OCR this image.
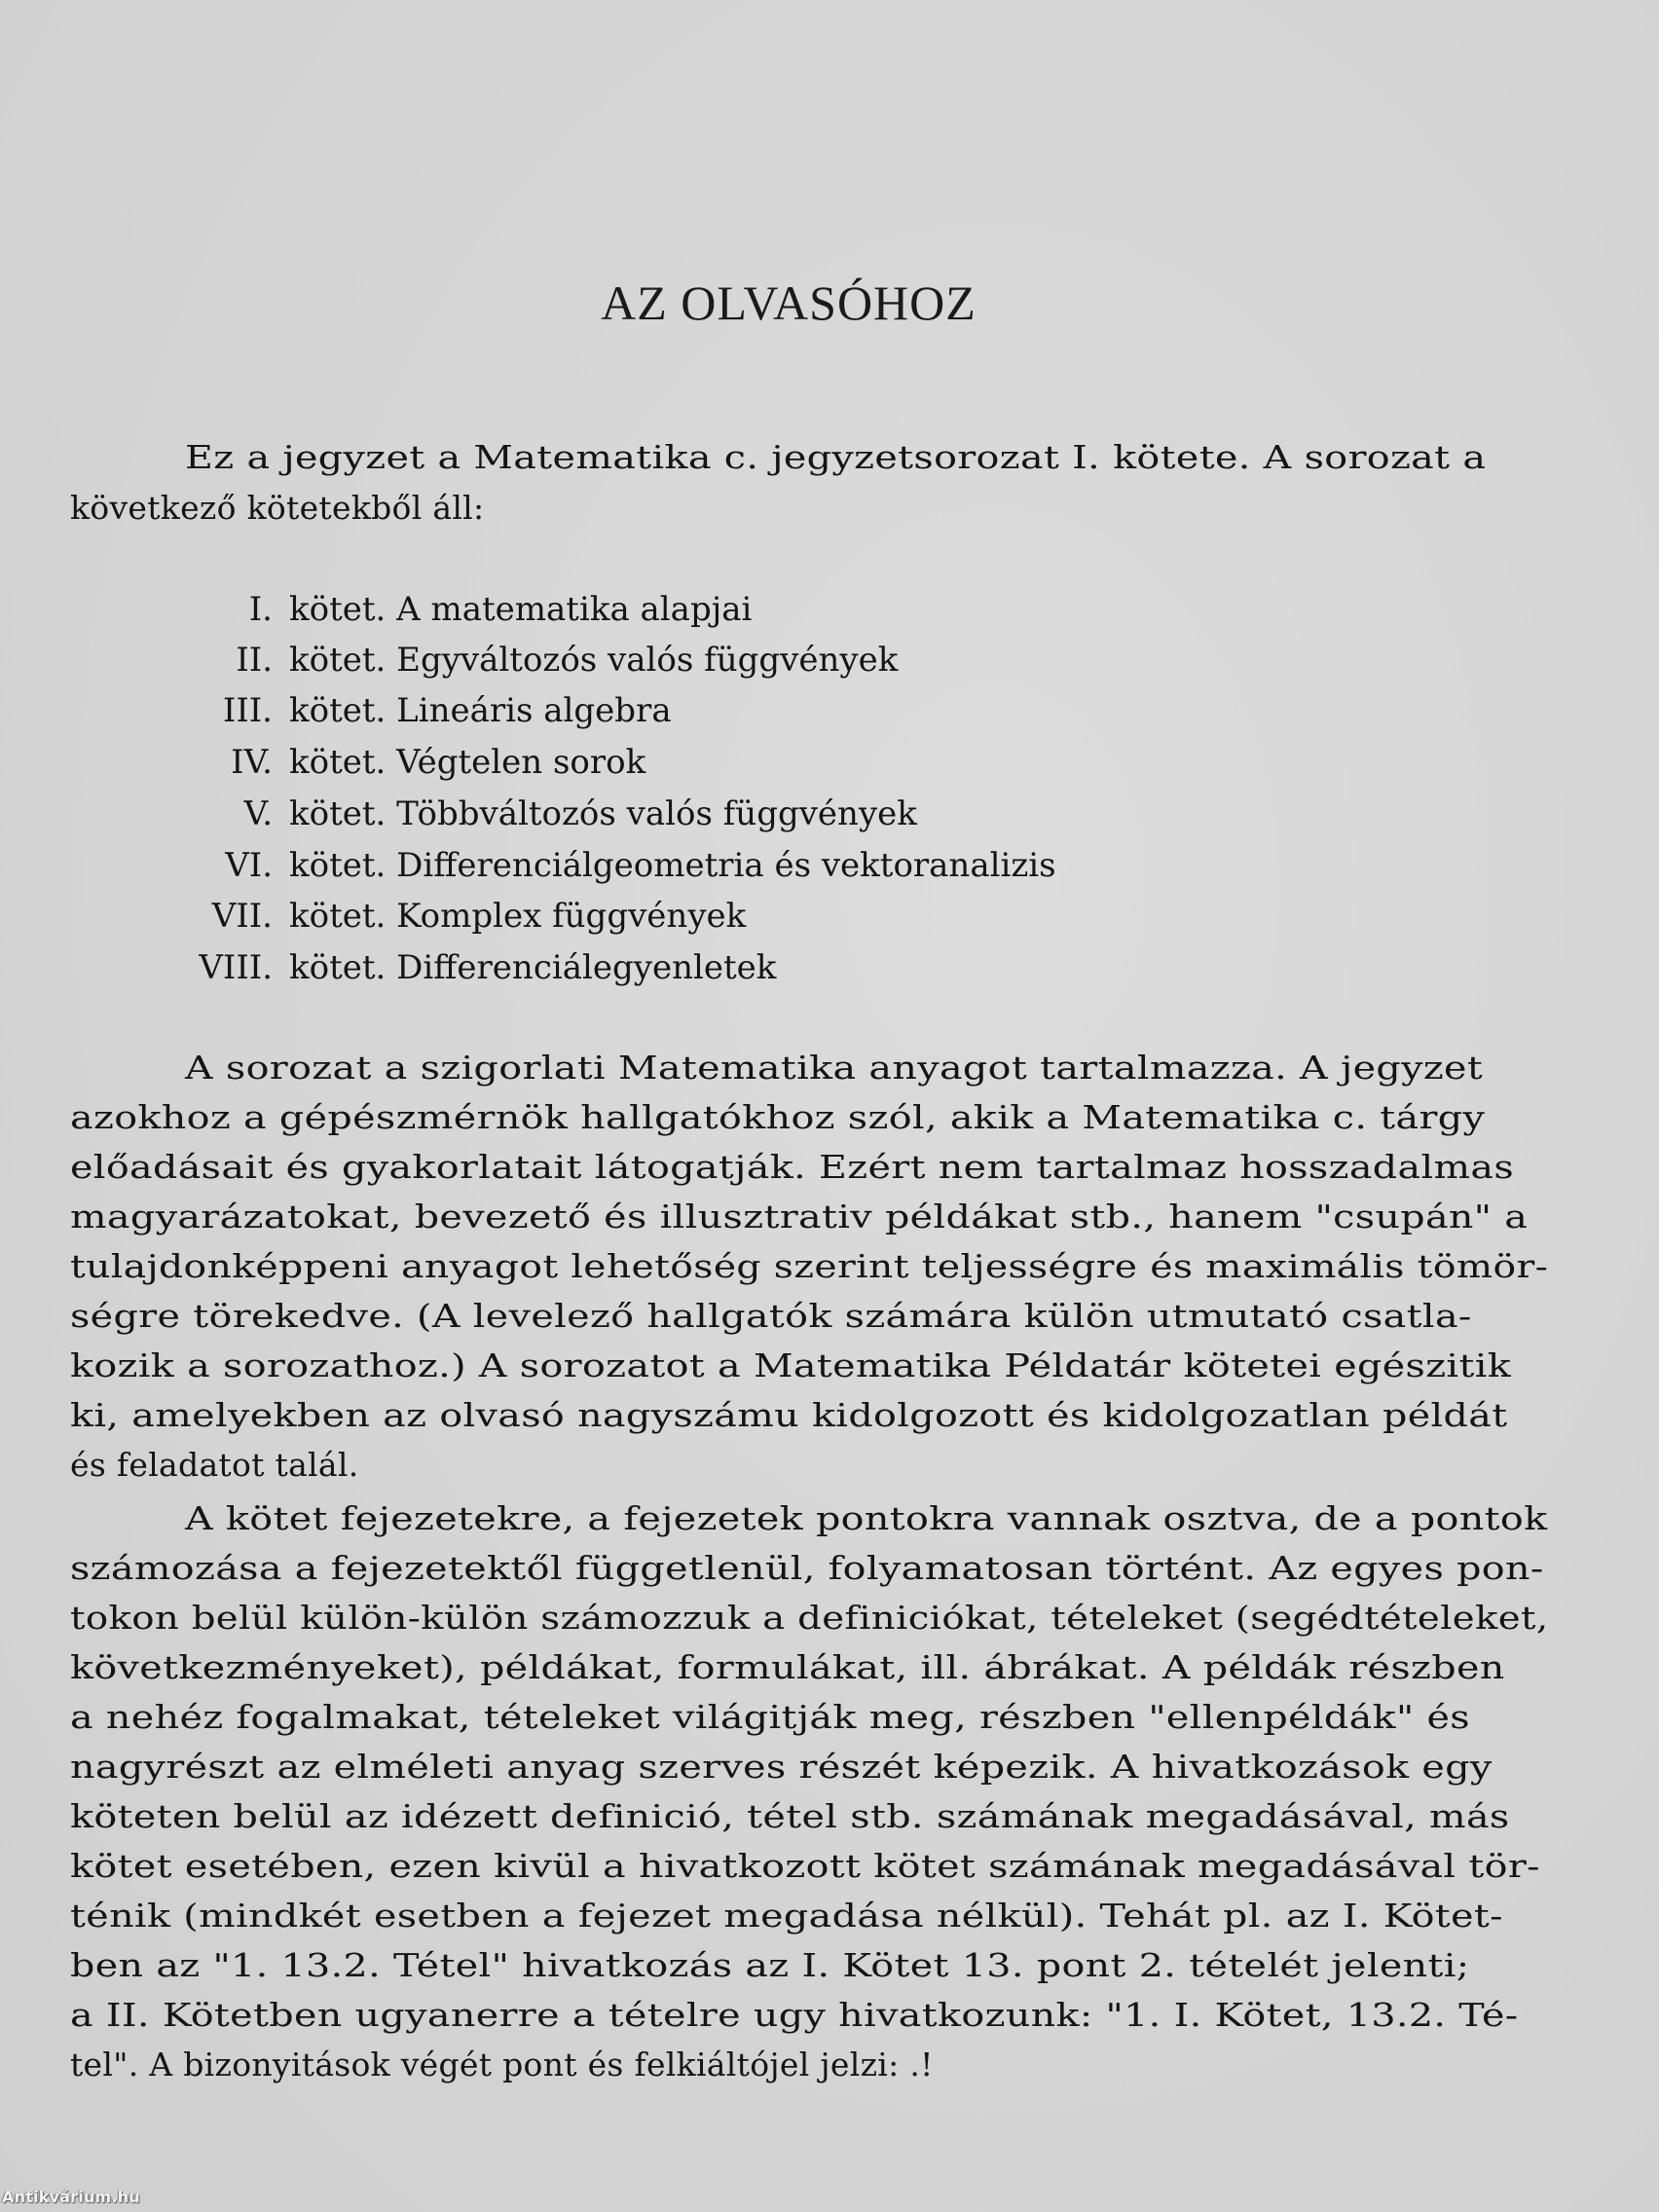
AZ OLVASÓHOZ
Ez a jegyzet a Matematika c. jegyzetsorozat I. kötete. A sorozat a
következő kötetekből áll:
I. kötet. A matematika alapjai
II. kötet. Egyváltozós valós függvények
III. kötet. Lineáris algebra
IV. kötet. Végtelen sorok
V. kötet. Többváltozós valós függvények
VI. kötet. Differenciálgeometria és vektoranalizis
VII. kötet. Komplex függvények
VIII. kötet. Differenciálegyenletek
A sorozat a szigorlati Matematika anyagot tartalmazza. A jegyzet
azokhoz a gépészmérnök hallgatókhoz szól, akik a Matematika c. tárgy
előadásait és gyakorlatait látogatják. Ezért nem tartalmaz hosszadalmas
magyarázatokat, bevezető és illusztrativ példákat stb., hanem "csupán" a
tulajdonképpeni anyagot lehetőség szerint teljességre és maximális tömör-
ségre törekedve. (A levelező hallgatók számára külön utmutató csatla-
kozik a sorozathoz.) A sorozatot a Matematika Példatár kötetei egészitik
ki, amelyekben az olvasó nagyszámu kidolgozott és kidolgozatlan példát
és feladatot talál.
A kötet fejezetekre, a fejezetek pontokra vannak osztva, de a pontok
számozása a fejezetektől függetlenül, folyamatosan történt. Az egyes pon-
tokon belül külön-külön számozzuk a definiciókat, tételeket (segédtételeket,
következményeket), példákat, formulákat, ill. ábrákat. A példák részben
a nehéz fogalmakat, tételeket világitják meg, részben "ellenpéldák" és
nagyrészt az elméleti anyag szerves részét képezik. A hivatkozások egy
köteten belül az idézett definició, tétel stb. számának megadásával, más
kötet esetében, ezen kivül a hivatkozott kötet számának megadásával tör-
ténik (mindkét esetben a fejezet megadása nélkül). Tehát pl. az I. Kötet-
ben az "1. 13.2. Tétel" hivatkozás az I. Kötet 13. pont 2. tételét jelenti;
a II. Kötetben ugyanerre a tételre ugy hivatkozunk: "1. I. Kötet, 13.2. Té-
tel". A bizonyitások végét pont és felkiáltójel jelzi: .!
Antikvárium.hu
